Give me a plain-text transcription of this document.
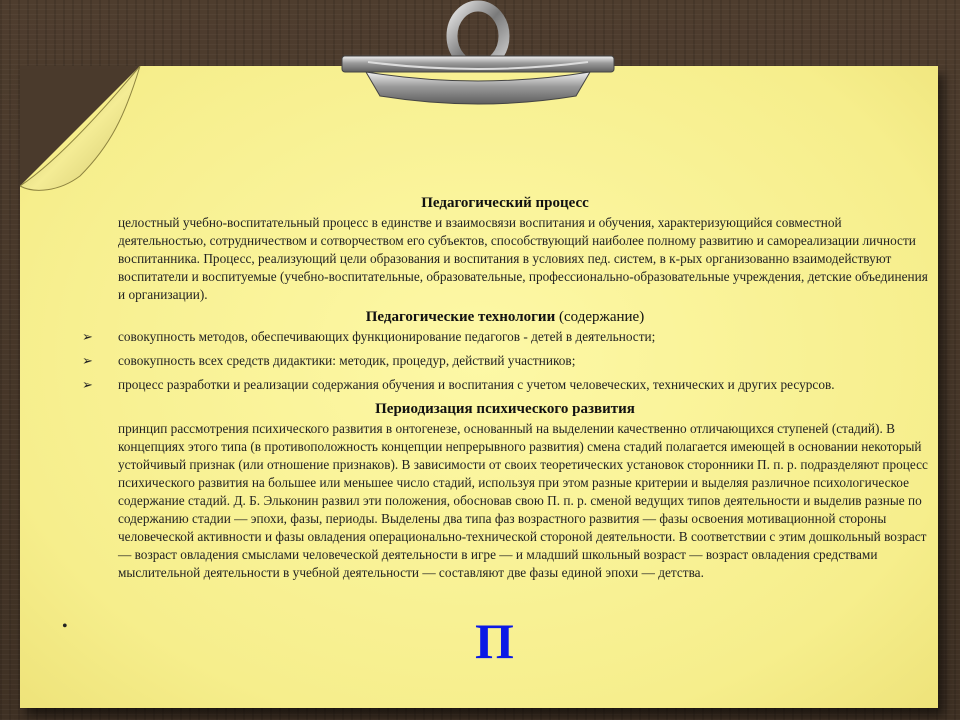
Педагогический процесс

целостный учебно-воспитательный процесс в единстве и взаимосвязи воспитания и обучения, характеризующийся совместной деятельностью, сотрудничеством и сотворчеством его субъектов, способствующий наиболее полному развитию и самореализации личности воспитанника. Процесс, реализующий цели образования и воспитания в условиях пед. систем, в к-рых организованно взаимодействуют воспитатели и воспитуемые (учебно-воспитательные, образовательные, профессионально-образовательные учреждения, детские объединения и организации).

Педагогические технологии (содержание)
➢ совокупность методов, обеспечивающих функционирование педагогов - детей в деятельности;
➢ совокупность всех средств дидактики: методик, процедур, действий участников;
➢ процесс разработки и реализации содержания обучения и воспитания с учетом человеческих, технических и других ресурсов.
Периодизация психического развития

принцип рассмотрения психического развития в онтогенезе, основанный на выделении качественно отличающихся ступеней (стадий). В концепциях этого типа (в противоположность концепции непрерывного развития) смена стадий полагается имеющей в основании некоторый устойчивый признак (или отношение признаков). В зависимости от своих теоретических установок сторонники П. п. р. подразделяют процесс психического развития на большее или меньшее число стадий, используя при этом разные критерии и выделяя различное психологическое содержание стадий. Д. Б. Эльконин развил эти положения, обосновав свою П. п. р. сменой ведущих типов деятельности и выделив разные по содержанию стадии — эпохи, фазы, периоды. Выделены два типа фаз возрастного развития — фазы освоения мотивационной стороны человеческой активности и фазы овладения операционально-технической стороной деятельности. В соответствии с этим дошкольный возраст — возраст овладения смыслами человеческой деятельности в игре — и младший школьный возраст — возраст овладения средствами мыслительной деятельности в учебной деятельности — составляют две фазы единой эпохи — детства.

•	П
